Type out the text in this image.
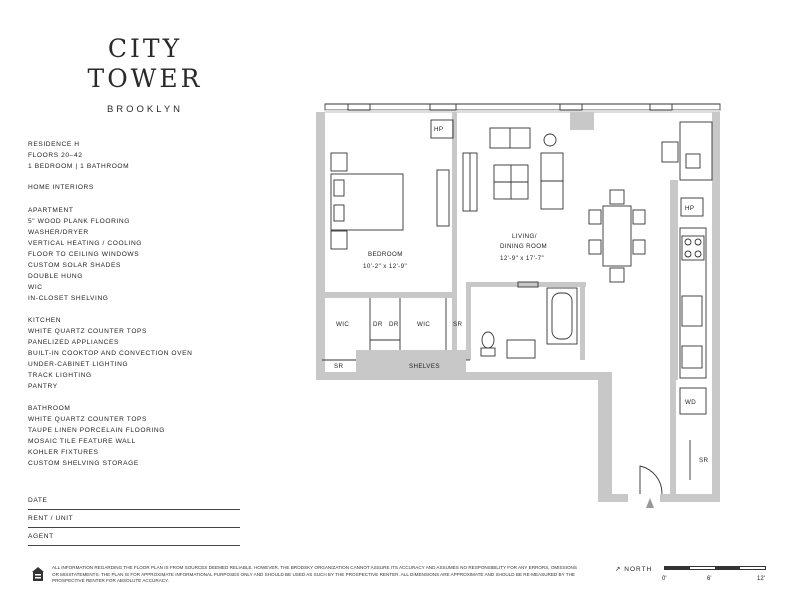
CITY
TOWER
BROOKLYN
RESIDENCE H
FLOORS 20–42
1 BEDROOM | 1 BATHROOM
HOME INTERIORS
APARTMENT
5" WOOD PLANK FLOORING
WASHER/DRYER
VERTICAL HEATING / COOLING
FLOOR TO CEILING WINDOWS
CUSTOM SOLAR SHADES
DOUBLE HUNG
WIC
IN-CLOSET SHELVING
KITCHEN
WHITE QUARTZ COUNTER TOPS
PANELIZED APPLIANCES
BUILT-IN COOKTOP AND CONVECTION OVEN
UNDER-CABINET LIGHTING
TRACK LIGHTING
PANTRY
BATHROOM
WHITE QUARTZ COUNTER TOPS
TAUPE LINEN PORCELAIN FLOORING
MOSAIC TILE FEATURE WALL
KOHLER FIXTURES
CUSTOM SHELVING STORAGE
DATE
RENT / UNIT
AGENT
HP
HP
BEDROOM
10'-2" x 12'-9"
LIVING/
DINING ROOM
12'-9" x 17'-7"
WIC	DR DR	WIC	SR
SR	SHELVES
WD
SR
ALL INFORMATION REGARDING THE FLOOR PLAN IS FROM SOURCES DEEMED RELIABLE. HOWEVER, THE BRODSKY ORGANIZATION CANNOT ASSURE ITS ACCURACY AND ASSUMES NO RESPONSIBILITY FOR ANY ERRORS, OMISSIONS OR MISSTATEMENTS. THE PLAN IS FOR APPROXIMATE INFORMATIONAL PURPOSES ONLY AND SHOULD BE USED AS SUCH BY THE PROSPECTIVE RENTER. ALL DIMENSIONS ARE APPROXIMATE AND SHOULD BE RE-MEASURED BY THE PROSPECTIVE RENTER FOR ABSOLUTE ACCURACY.
↗ NORTH
0'	6'	12'
